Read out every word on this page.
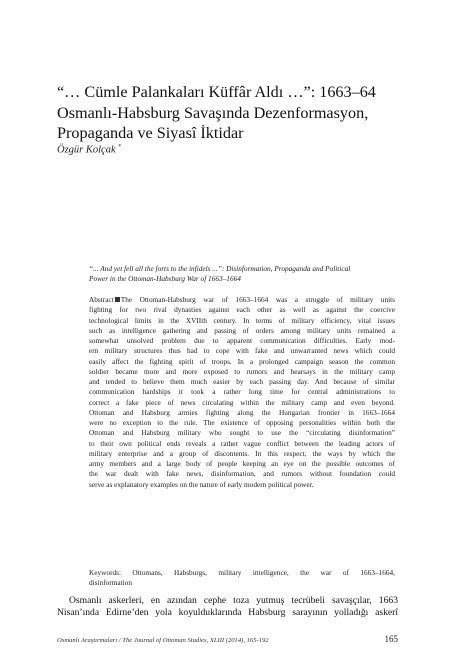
“… Cümle Palankaları Küffâr Aldı …”: 1663–64
Osmanlı-Habsburg Savaşında Dezenformasyon,
Propaganda ve Siyasî İktidar
Özgür Kolçak *
“... And yet fell all the forts to the infidels ...”: Disinformation, Propaganda and Political
Power in the Ottoman-Habsburg War of 1663–1664
Abstract The Ottoman-Habsburg war of 1663–1664 was a struggle of military units
fighting for two rival dynasties against each other as well as against the coercive
technological limits in the XVIIth century. In terms of military efficiency, vital issues
such as intelligence gathering and passing of orders among military units remained a
somewhat unsolved problem due to apparent communication difficulties. Early mod-
ern military structures thus had to cope with fake and unwarranted news which could
easily affect the fighting spirit of troops. In a prolonged campaign season the common
soldier became more and more exposed to rumors and hearsays in the military camp
and tended to believe them much easier by each passing day. And because of similar
communication hardships it took a rather long time for central administrations to
correct a fake piece of news circulating within the military camp and even beyond.
Ottoman and Habsburg armies fighting along the Hungarian frontier in 1663–1664
were no exception to the rule. The existence of opposing personalities within both the
Ottoman and Habsburg military who sought to use the “circulating disinformation”
to their own political ends reveals a rather vague conflict between the leading actors of
military enterprise and a group of discontents. In this respect, the ways by which the
army members and a large body of people keeping an eye on the possible outcomes of
the war dealt with fake news, disinformation, and rumors without foundation could
serve as explanatory examples on the nature of early modern political power.
Keywords: Ottomans, Habsburgs, military intelligence, the war of 1663–1664,
disinformation
Osmanlı askerleri, en azından cephe toza yutmuş tecrübeli savaşçılar, 1663
Nisan’ında Edirne’den yola koyulduklarında Habsburg sarayının yolladığı askerî
Osmanlı Araştırmaları / The Journal of Ottoman Studies, XLIII (2014), 165-192	165
